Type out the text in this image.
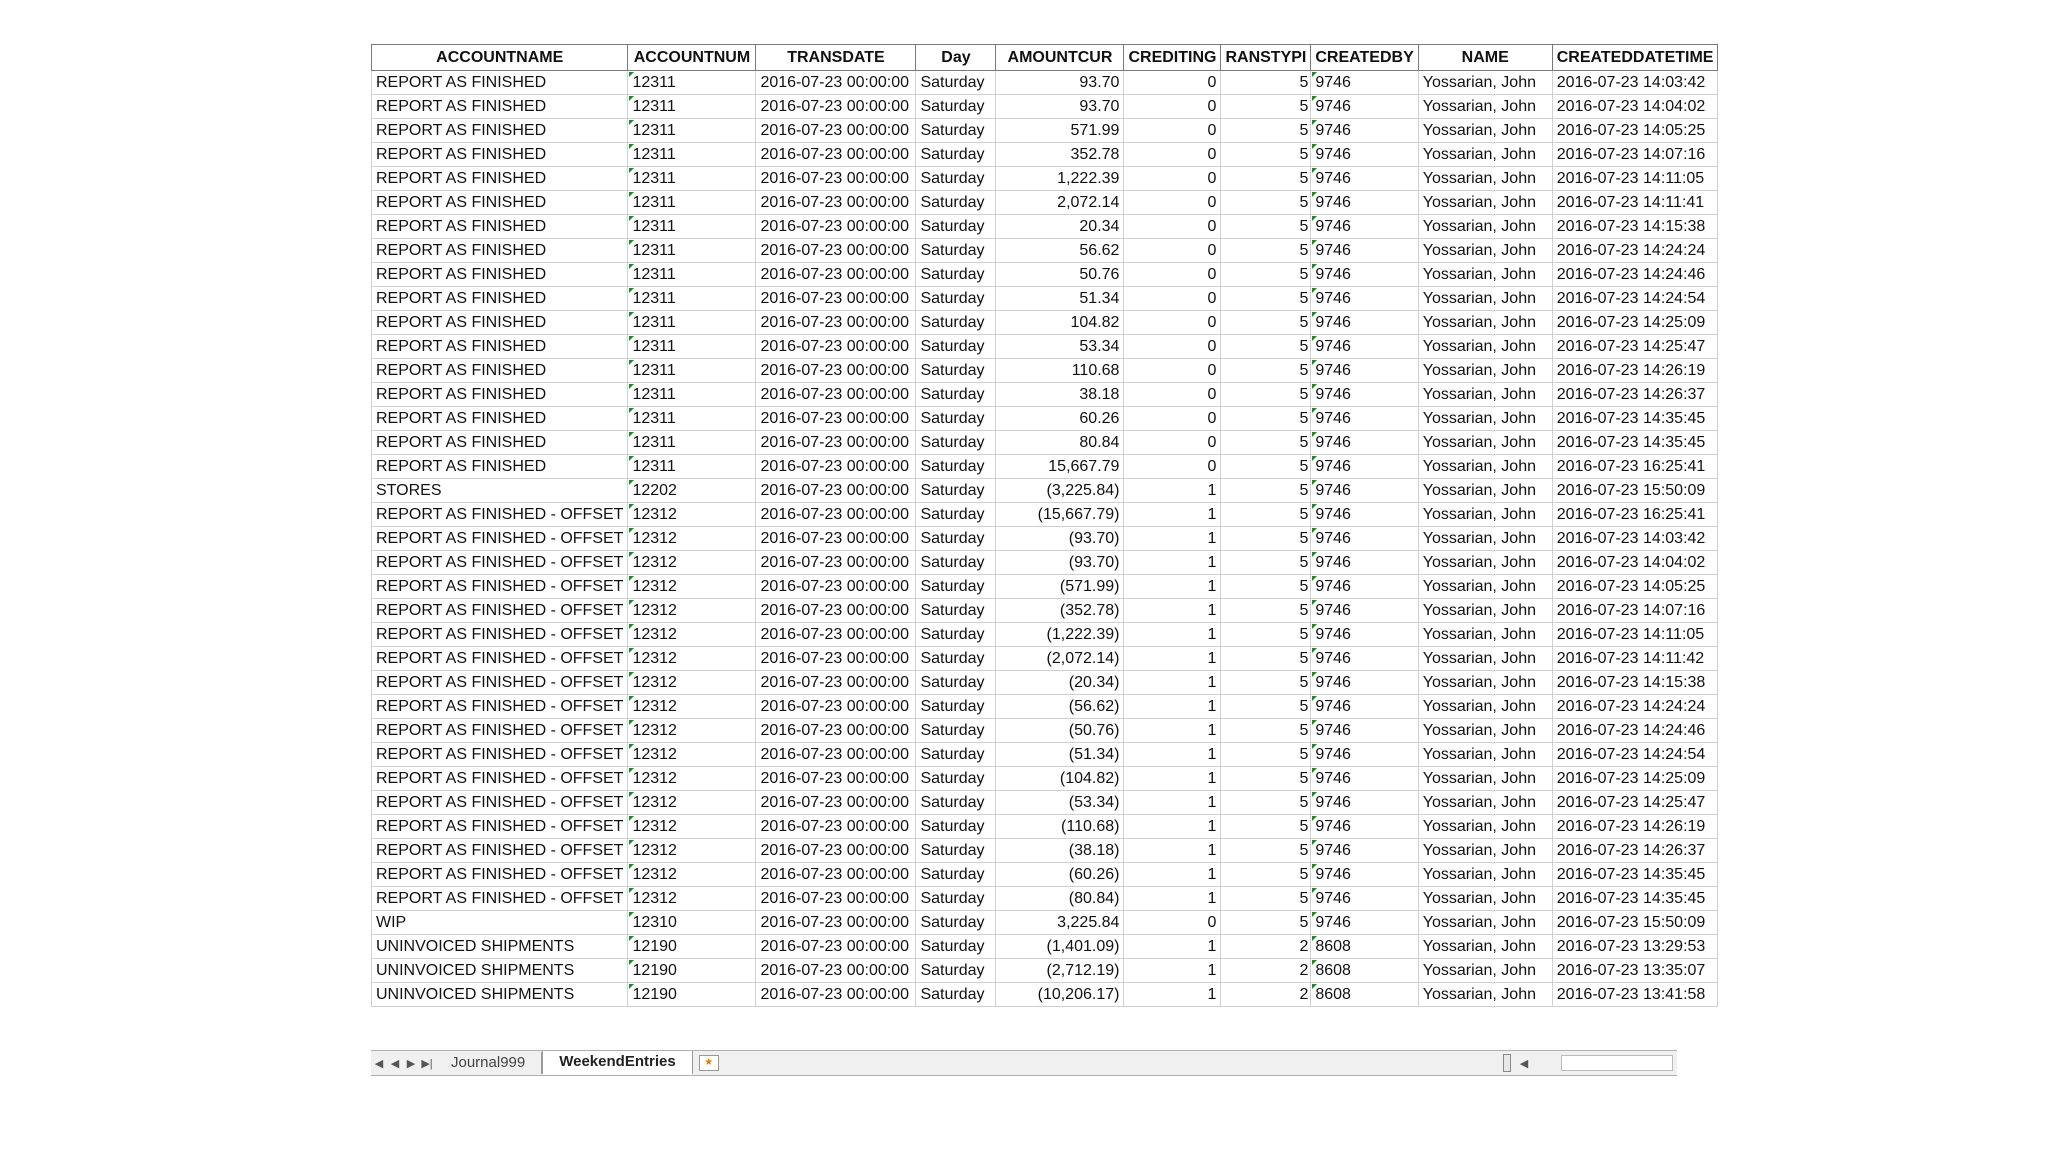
ACCOUNTNAME	ACCOUNTNUM	TRANSDATE	Day	AMOUNTCUR	CREDITING	RANSTYPI	CREATEDBY	NAME	CREATEDDATETIME
REPORT AS FINISHED	12311	2016-07-23 00:00:00	Saturday	93.70	0	5	9746	Yossarian, John	2016-07-23 14:03:42
REPORT AS FINISHED	12311	2016-07-23 00:00:00	Saturday	93.70	0	5	9746	Yossarian, John	2016-07-23 14:04:02
REPORT AS FINISHED	12311	2016-07-23 00:00:00	Saturday	571.99	0	5	9746	Yossarian, John	2016-07-23 14:05:25
REPORT AS FINISHED	12311	2016-07-23 00:00:00	Saturday	352.78	0	5	9746	Yossarian, John	2016-07-23 14:07:16
REPORT AS FINISHED	12311	2016-07-23 00:00:00	Saturday	1,222.39	0	5	9746	Yossarian, John	2016-07-23 14:11:05
REPORT AS FINISHED	12311	2016-07-23 00:00:00	Saturday	2,072.14	0	5	9746	Yossarian, John	2016-07-23 14:11:41
REPORT AS FINISHED	12311	2016-07-23 00:00:00	Saturday	20.34	0	5	9746	Yossarian, John	2016-07-23 14:15:38
REPORT AS FINISHED	12311	2016-07-23 00:00:00	Saturday	56.62	0	5	9746	Yossarian, John	2016-07-23 14:24:24
REPORT AS FINISHED	12311	2016-07-23 00:00:00	Saturday	50.76	0	5	9746	Yossarian, John	2016-07-23 14:24:46
REPORT AS FINISHED	12311	2016-07-23 00:00:00	Saturday	51.34	0	5	9746	Yossarian, John	2016-07-23 14:24:54
REPORT AS FINISHED	12311	2016-07-23 00:00:00	Saturday	104.82	0	5	9746	Yossarian, John	2016-07-23 14:25:09
REPORT AS FINISHED	12311	2016-07-23 00:00:00	Saturday	53.34	0	5	9746	Yossarian, John	2016-07-23 14:25:47
REPORT AS FINISHED	12311	2016-07-23 00:00:00	Saturday	110.68	0	5	9746	Yossarian, John	2016-07-23 14:26:19
REPORT AS FINISHED	12311	2016-07-23 00:00:00	Saturday	38.18	0	5	9746	Yossarian, John	2016-07-23 14:26:37
REPORT AS FINISHED	12311	2016-07-23 00:00:00	Saturday	60.26	0	5	9746	Yossarian, John	2016-07-23 14:35:45
REPORT AS FINISHED	12311	2016-07-23 00:00:00	Saturday	80.84	0	5	9746	Yossarian, John	2016-07-23 14:35:45
REPORT AS FINISHED	12311	2016-07-23 00:00:00	Saturday	15,667.79	0	5	9746	Yossarian, John	2016-07-23 16:25:41
STORES	12202	2016-07-23 00:00:00	Saturday	(3,225.84)	1	5	9746	Yossarian, John	2016-07-23 15:50:09
REPORT AS FINISHED - OFFSET	12312	2016-07-23 00:00:00	Saturday	(15,667.79)	1	5	9746	Yossarian, John	2016-07-23 16:25:41
REPORT AS FINISHED - OFFSET	12312	2016-07-23 00:00:00	Saturday	(93.70)	1	5	9746	Yossarian, John	2016-07-23 14:03:42
REPORT AS FINISHED - OFFSET	12312	2016-07-23 00:00:00	Saturday	(93.70)	1	5	9746	Yossarian, John	2016-07-23 14:04:02
REPORT AS FINISHED - OFFSET	12312	2016-07-23 00:00:00	Saturday	(571.99)	1	5	9746	Yossarian, John	2016-07-23 14:05:25
REPORT AS FINISHED - OFFSET	12312	2016-07-23 00:00:00	Saturday	(352.78)	1	5	9746	Yossarian, John	2016-07-23 14:07:16
REPORT AS FINISHED - OFFSET	12312	2016-07-23 00:00:00	Saturday	(1,222.39)	1	5	9746	Yossarian, John	2016-07-23 14:11:05
REPORT AS FINISHED - OFFSET	12312	2016-07-23 00:00:00	Saturday	(2,072.14)	1	5	9746	Yossarian, John	2016-07-23 14:11:42
REPORT AS FINISHED - OFFSET	12312	2016-07-23 00:00:00	Saturday	(20.34)	1	5	9746	Yossarian, John	2016-07-23 14:15:38
REPORT AS FINISHED - OFFSET	12312	2016-07-23 00:00:00	Saturday	(56.62)	1	5	9746	Yossarian, John	2016-07-23 14:24:24
REPORT AS FINISHED - OFFSET	12312	2016-07-23 00:00:00	Saturday	(50.76)	1	5	9746	Yossarian, John	2016-07-23 14:24:46
REPORT AS FINISHED - OFFSET	12312	2016-07-23 00:00:00	Saturday	(51.34)	1	5	9746	Yossarian, John	2016-07-23 14:24:54
REPORT AS FINISHED - OFFSET	12312	2016-07-23 00:00:00	Saturday	(104.82)	1	5	9746	Yossarian, John	2016-07-23 14:25:09
REPORT AS FINISHED - OFFSET	12312	2016-07-23 00:00:00	Saturday	(53.34)	1	5	9746	Yossarian, John	2016-07-23 14:25:47
REPORT AS FINISHED - OFFSET	12312	2016-07-23 00:00:00	Saturday	(110.68)	1	5	9746	Yossarian, John	2016-07-23 14:26:19
REPORT AS FINISHED - OFFSET	12312	2016-07-23 00:00:00	Saturday	(38.18)	1	5	9746	Yossarian, John	2016-07-23 14:26:37
REPORT AS FINISHED - OFFSET	12312	2016-07-23 00:00:00	Saturday	(60.26)	1	5	9746	Yossarian, John	2016-07-23 14:35:45
REPORT AS FINISHED - OFFSET	12312	2016-07-23 00:00:00	Saturday	(80.84)	1	5	9746	Yossarian, John	2016-07-23 14:35:45
WIP	12310	2016-07-23 00:00:00	Saturday	3,225.84	0	5	9746	Yossarian, John	2016-07-23 15:50:09
UNINVOICED SHIPMENTS	12190	2016-07-23 00:00:00	Saturday	(1,401.09)	1	2	8608	Yossarian, John	2016-07-23 13:29:53
UNINVOICED SHIPMENTS	12190	2016-07-23 00:00:00	Saturday	(2,712.19)	1	2	8608	Yossarian, John	2016-07-23 13:35:07
UNINVOICED SHIPMENTS	12190	2016-07-23 00:00:00	Saturday	(10,206.17)	1	2	8608	Yossarian, John	2016-07-23 13:41:58
◀ ◀ ▶ ▶|	Journal999	WeekendEntries	★	◀
